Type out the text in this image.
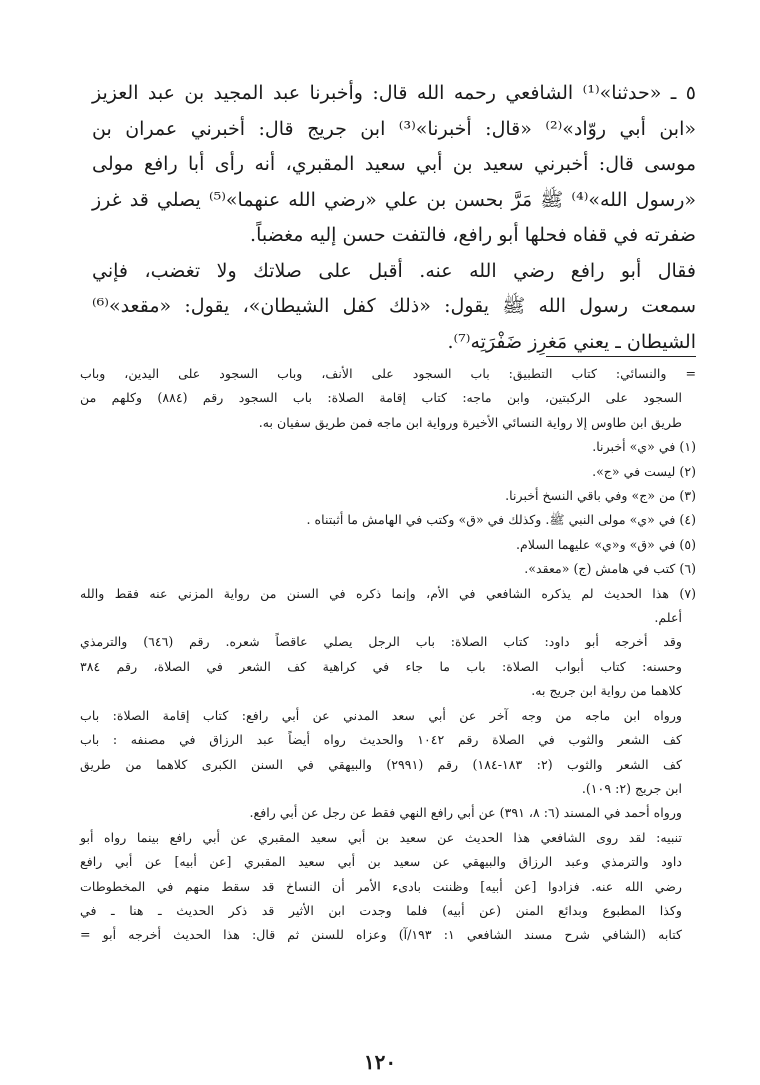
٥ ـ «حدثنا»⁽¹⁾ الشافعي رحمه الله قال: وأخبرنا عبد المجيد بن عبد العزيز
«ابن أبي روّاد»⁽²⁾ «قال: أخبرنا»⁽³⁾ ابن جريج قال: أخبرني عمران بن
موسى قال: أخبرني سعيد بن أبي سعيد المقبري، أنه رأى أبا رافع مولى
«رسول الله»⁽⁴⁾ ﷺ مَرَّ بحسن بن علي «رضي الله عنهما»⁽⁵⁾ يصلي قد غرز
ضفرته في قفاه فحلها أبو رافع، فالتفت حسن إليه مغضباً.
فقال أبو رافع رضي الله عنه. أقبل على صلاتك ولا تغضب، فإني
سمعت رسول الله ﷺ يقول: «ذلك كفل الشيطان»، يقول: «مقعد»⁽⁶⁾
الشيطان ـ يعني مَغرِز ضَفْرَتِه⁽⁷⁾.
= والنسائي: كتاب التطبيق: باب السجود على الأنف، وباب السجود على اليدين، وباب
السجود على الركبتين، وابن ماجه: كتاب إقامة الصلاة: باب السجود رقم (٨٨٤) وكلهم من
طريق ابن طاوس إلا رواية النسائي الأخيرة ورواية ابن ماجه فمن طريق سفيان به.
(١) في «ي» أخبرنا.
(٢) ليست في «ج».
(٣) من «ج» وفي باقي النسخ أخبرنا.
(٤) في «ي» مولى النبي ﷺ. وكذلك في «ق» وكتب في الهامش ما أثبتناه .
(٥) في «ق» و«ي» عليهما السلام.
(٦) كتب في هامش (ج) «معقد».
(٧) هذا الحديث لم يذكره الشافعي في الأم، وإنما ذكره في السنن من رواية المزني عنه فقط والله
أعلم.
وقد أخرجه أبو داود: كتاب الصلاة: باب الرجل يصلي عاقصاً شعره. رقم (٦٤٦) والترمذي
وحسنه: كتاب أبواب الصلاة: باب ما جاء في كراهية كف الشعر في الصلاة، رقم ٣٨٤
كلاهما من رواية ابن جريج به.
ورواه ابن ماجه من وجه آخر عن أبي سعد المدني عن أبي رافع: كتاب إقامة الصلاة: باب
كف الشعر والثوب في الصلاة رقم ١٠٤٢ والحديث رواه أيضاً عبد الرزاق في مصنفه : باب
كف الشعر والثوب (٢: ١٨٣-١٨٤) رقم (٢٩٩١) والبيهقي في السنن الكبرى كلاهما من طريق
ابن جريج (٢: ١٠٩).
ورواه أحمد في المسند (٦: ٨، ٣٩١) عن أبي رافع النهي فقط عن رجل عن أبي رافع.
تنبيه: لقد روى الشافعي هذا الحديث عن سعيد بن أبي سعيد المقبري عن أبي رافع بينما رواه أبو
داود والترمذي وعبد الرزاق والبيهقي عن سعيد بن أبي سعيد المقبري [عن أبيه] عن أبي رافع
رضي الله عنه. فزادوا [عن أبيه] وظننت بادىء الأمر أن النساخ قد سقط منهم في المخطوطات
وكذا المطبوع وبدائع المنن (عن أبيه) فلما وجدت ابن الأثير قد ذكر الحديث ـ هنا ـ في
كتابه (الشافي شرح مسند الشافعي ١: ١٩٣/آ) وعزاه للسنن ثم قال: هذا الحديث أخرجه أبو =
١٢٠
